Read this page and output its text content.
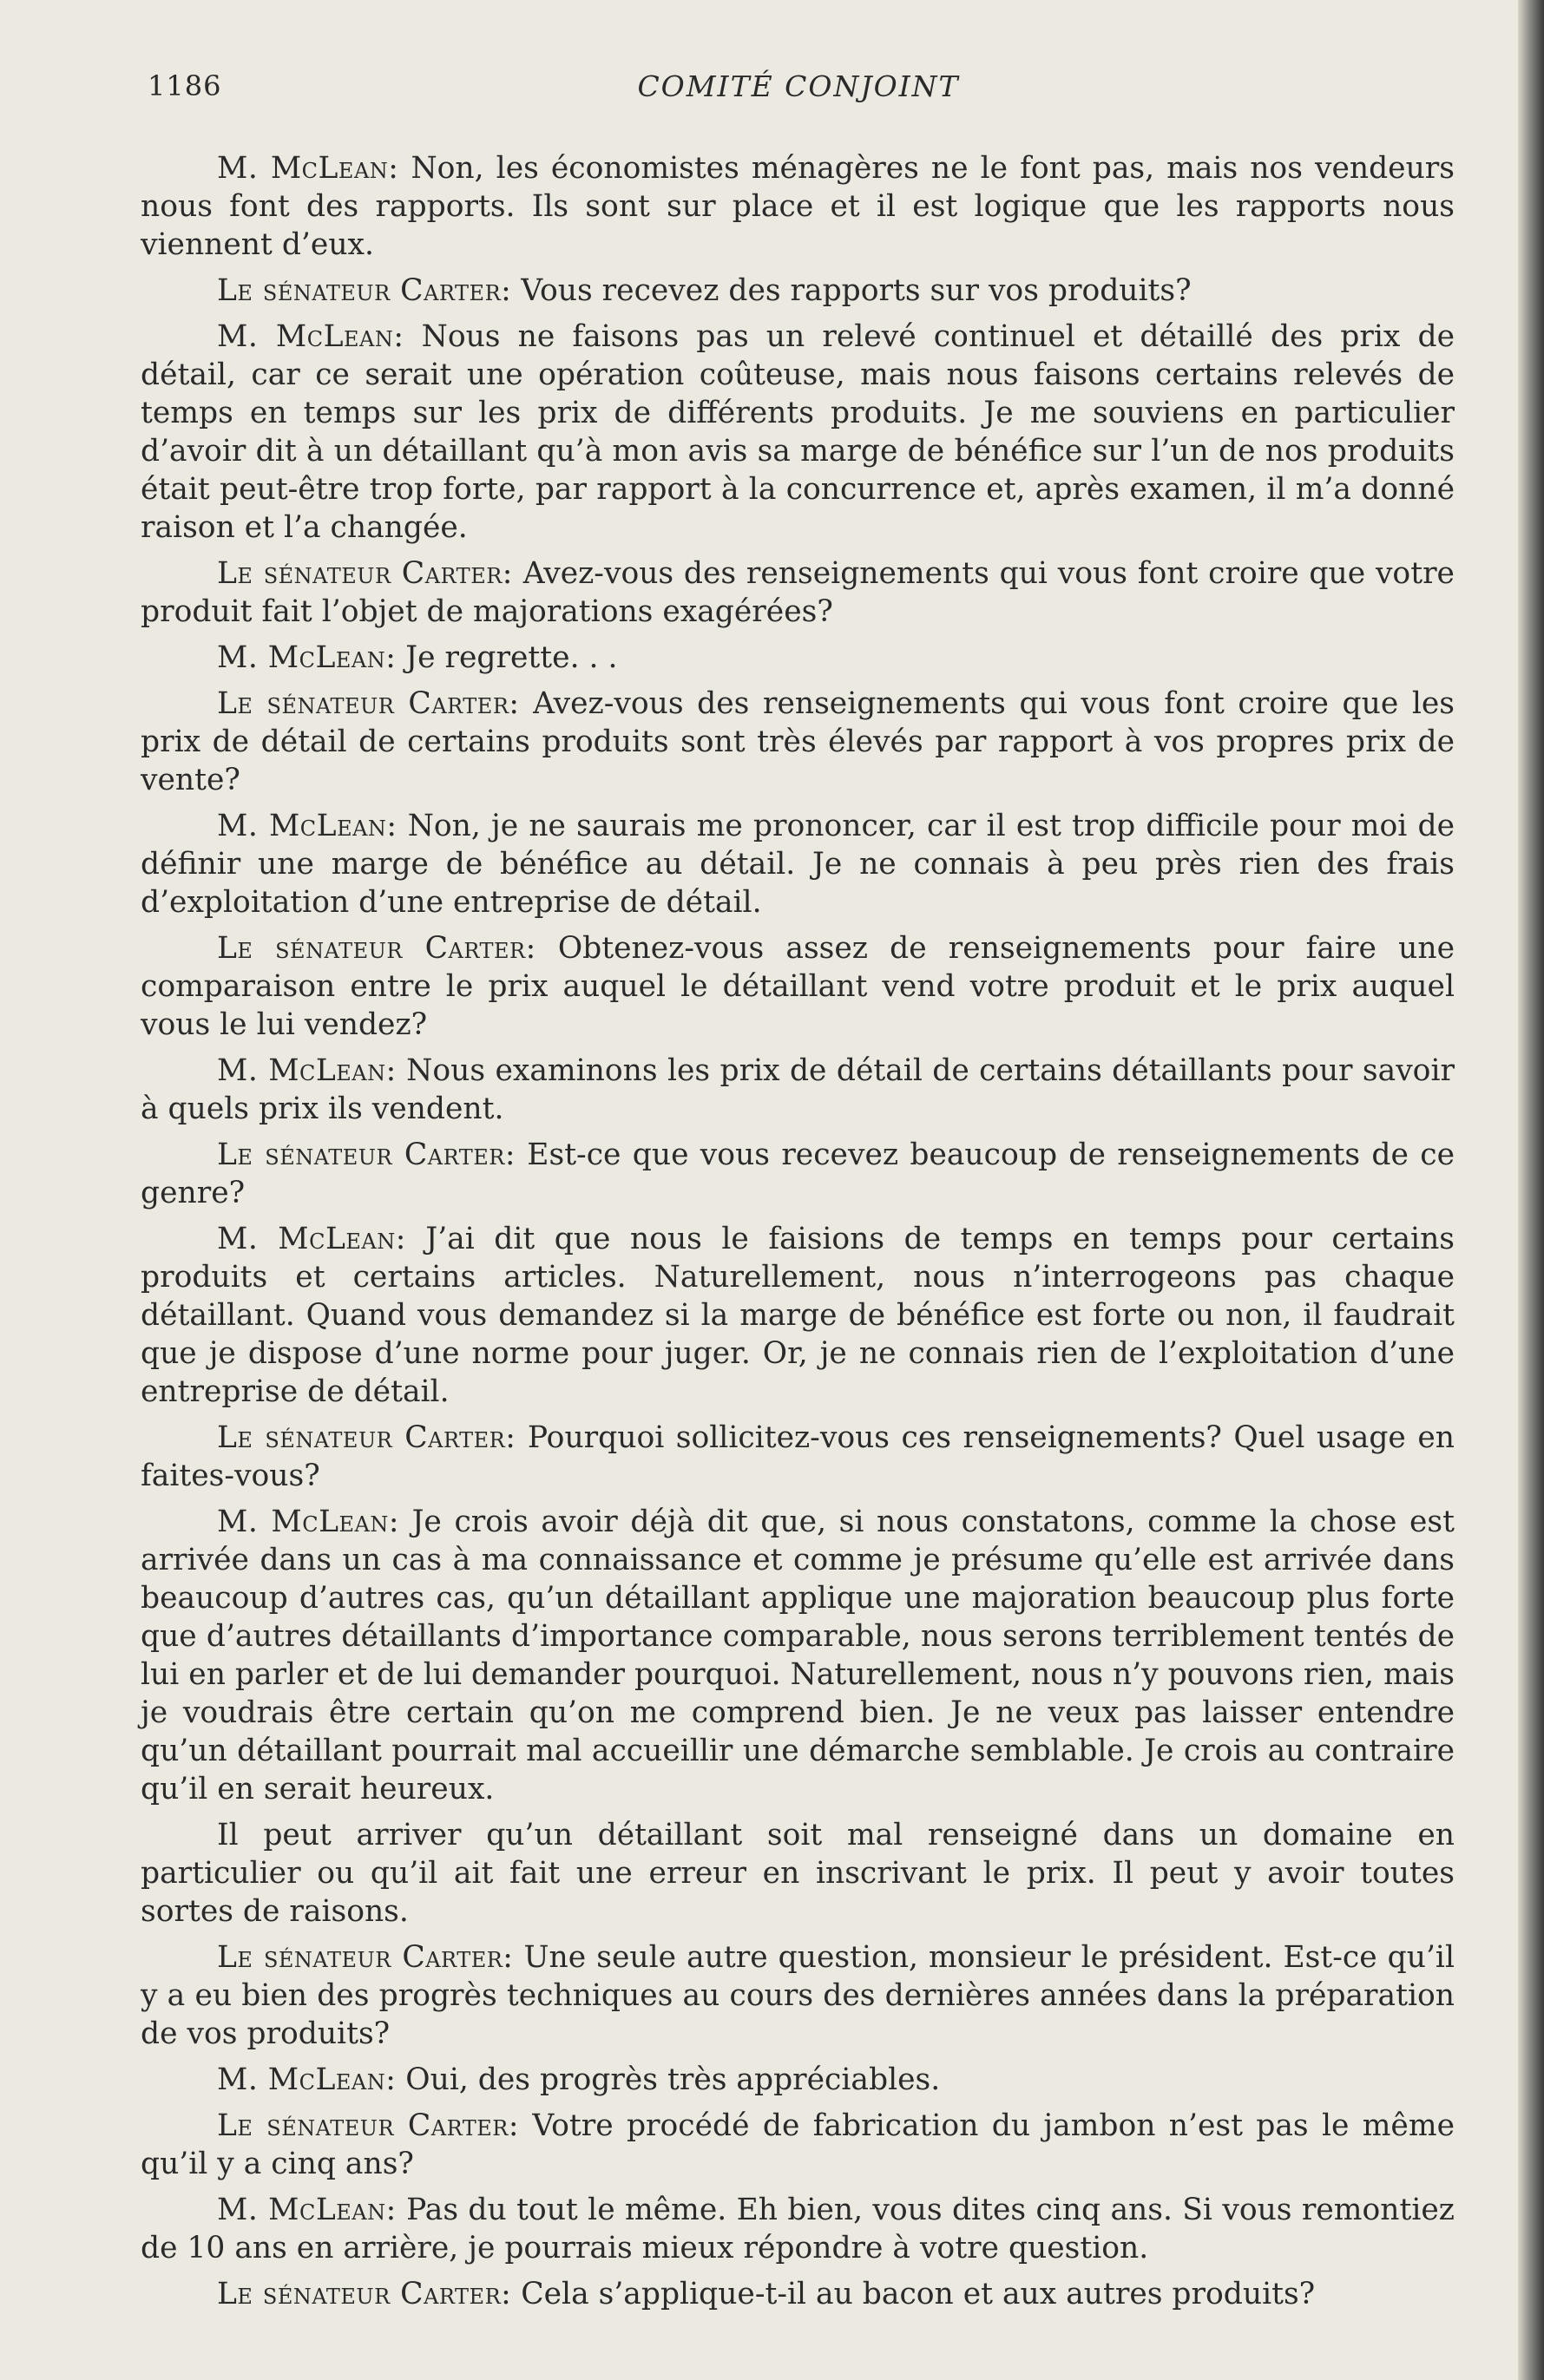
1186	COMITÉ CONJOINT

M. McLean: Non, les économistes ménagères ne le font pas, mais nos vendeurs nous font des rapports. Ils sont sur place et il est logique que les rapports nous viennent d’eux.

Le sénateur Carter: Vous recevez des rapports sur vos produits?

M. McLean: Nous ne faisons pas un relevé continuel et détaillé des prix de détail, car ce serait une opération coûteuse, mais nous faisons certains relevés de temps en temps sur les prix de différents produits. Je me souviens en particulier d’avoir dit à un détaillant qu’à mon avis sa marge de bénéfice sur l’un de nos produits était peut-être trop forte, par rapport à la concurrence et, après examen, il m’a donné raison et l’a changée.

Le sénateur Carter: Avez-vous des renseignements qui vous font croire que votre produit fait l’objet de majorations exagérées?

M. McLean: Je regrette. . .

Le sénateur Carter: Avez-vous des renseignements qui vous font croire que les prix de détail de certains produits sont très élevés par rapport à vos propres prix de vente?

M. McLean: Non, je ne saurais me prononcer, car il est trop difficile pour moi de définir une marge de bénéfice au détail. Je ne connais à peu près rien des frais d’exploitation d’une entreprise de détail.

Le sénateur Carter: Obtenez-vous assez de renseignements pour faire une comparaison entre le prix auquel le détaillant vend votre produit et le prix auquel vous le lui vendez?

M. McLean: Nous examinons les prix de détail de certains détaillants pour savoir à quels prix ils vendent.

Le sénateur Carter: Est-ce que vous recevez beaucoup de renseignements de ce genre?

M. McLean: J’ai dit que nous le faisions de temps en temps pour certains produits et certains articles. Naturellement, nous n’interrogeons pas chaque détaillant. Quand vous demandez si la marge de bénéfice est forte ou non, il faudrait que je dispose d’une norme pour juger. Or, je ne connais rien de l’exploitation d’une entreprise de détail.

Le sénateur Carter: Pourquoi sollicitez-vous ces renseignements? Quel usage en faites-vous?

M. McLean: Je crois avoir déjà dit que, si nous constatons, comme la chose est arrivée dans un cas à ma connaissance et comme je présume qu’elle est arrivée dans beaucoup d’autres cas, qu’un détaillant applique une majoration beaucoup plus forte que d’autres détaillants d’importance comparable, nous serons terriblement tentés de lui en parler et de lui demander pourquoi. Naturellement, nous n’y pouvons rien, mais je voudrais être certain qu’on me comprend bien. Je ne veux pas laisser entendre qu’un détaillant pourrait mal accueillir une démarche semblable. Je crois au contraire qu’il en serait heureux.

Il peut arriver qu’un détaillant soit mal renseigné dans un domaine en particulier ou qu’il ait fait une erreur en inscrivant le prix. Il peut y avoir toutes sortes de raisons.

Le sénateur Carter: Une seule autre question, monsieur le président. Est-ce qu’il y a eu bien des progrès techniques au cours des dernières années dans la préparation de vos produits?

M. McLean: Oui, des progrès très appréciables.

Le sénateur Carter: Votre procédé de fabrication du jambon n’est pas le même qu’il y a cinq ans?

M. McLean: Pas du tout le même. Eh bien, vous dites cinq ans. Si vous remontiez de 10 ans en arrière, je pourrais mieux répondre à votre question.

Le sénateur Carter: Cela s’applique-t-il au bacon et aux autres produits?
